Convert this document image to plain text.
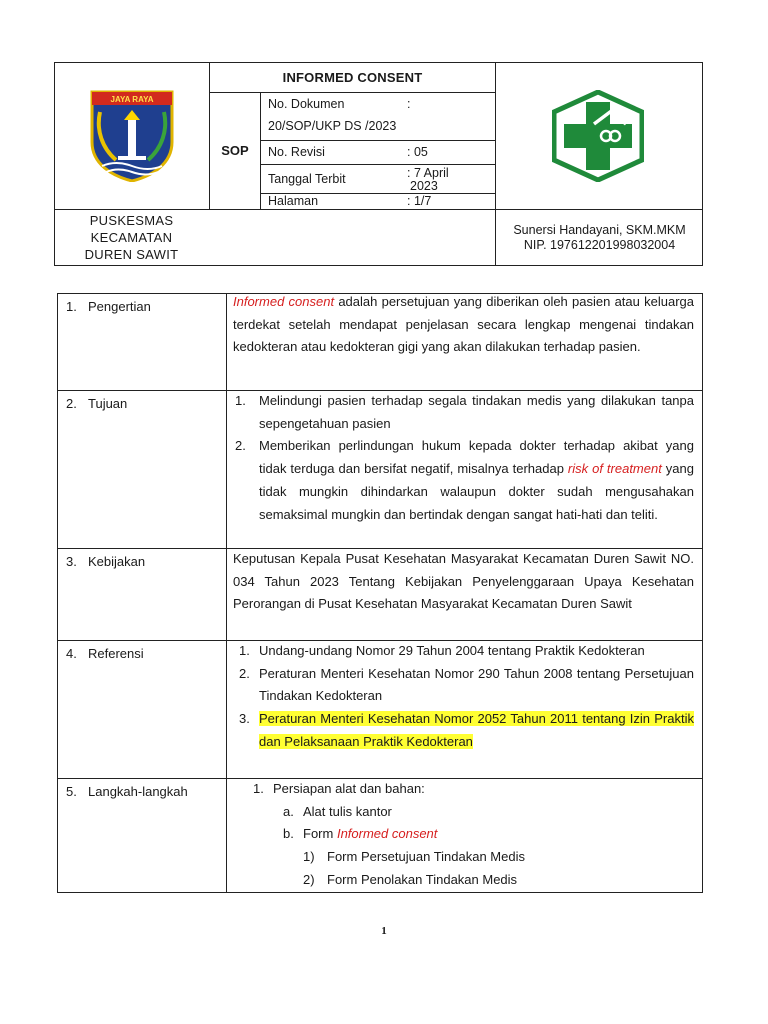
JAYA RAYA
INFORMED CONSENT
SOP
No. Dokumen	:
20/SOP/UKP DS /2023
No. Revisi	: 05
Tanggal Terbit	: 7 April
2023
Halaman	: 1/7
PUSKESMAS
KECAMATAN
DUREN SAWIT
Sunersi Handayani, SKM.MKM
NIP. 197612201998032004
1. Pengertian	Informed consent adalah persetujuan yang diberikan oleh pasien atau keluarga terdekat setelah mendapat penjelasan secara lengkap mengenai tindakan kedokteran atau kedokteran gigi yang akan dilakukan terhadap pasien.
2. Tujuan	1.	Melindungi pasien terhadap segala tindakan medis yang dilakukan tanpa sepengetahuan pasien
2.	Memberikan perlindungan hukum kepada dokter terhadap akibat yang tidak terduga dan bersifat negatif, misalnya terhadap risk of treatment yang tidak mungkin dihindarkan walaupun dokter sudah mengusahakan semaksimal mungkin dan bertindak dengan sangat hati-hati dan teliti.
3. Kebijakan	Keputusan Kepala Pusat Kesehatan Masyarakat Kecamatan Duren Sawit NO. 034 Tahun 2023 Tentang Kebijakan Penyelenggaraan Upaya Kesehatan Perorangan di Pusat Kesehatan Masyarakat Kecamatan Duren Sawit
4. Referensi	1. Undang-undang Nomor 29 Tahun 2004 tentang Praktik Kedokteran
2. Peraturan Menteri Kesehatan Nomor 290 Tahun 2008 tentang Persetujuan Tindakan Kedokteran
3. Peraturan Menteri Kesehatan Nomor 2052 Tahun 2011 tentang Izin Praktik dan Pelaksanaan Praktik Kedokteran
5. Langkah-langkah	1. Persiapan alat dan bahan:
a. Alat tulis kantor
b. Form Informed consent
1) Form Persetujuan Tindakan Medis
2) Form Penolakan Tindakan Medis
1
